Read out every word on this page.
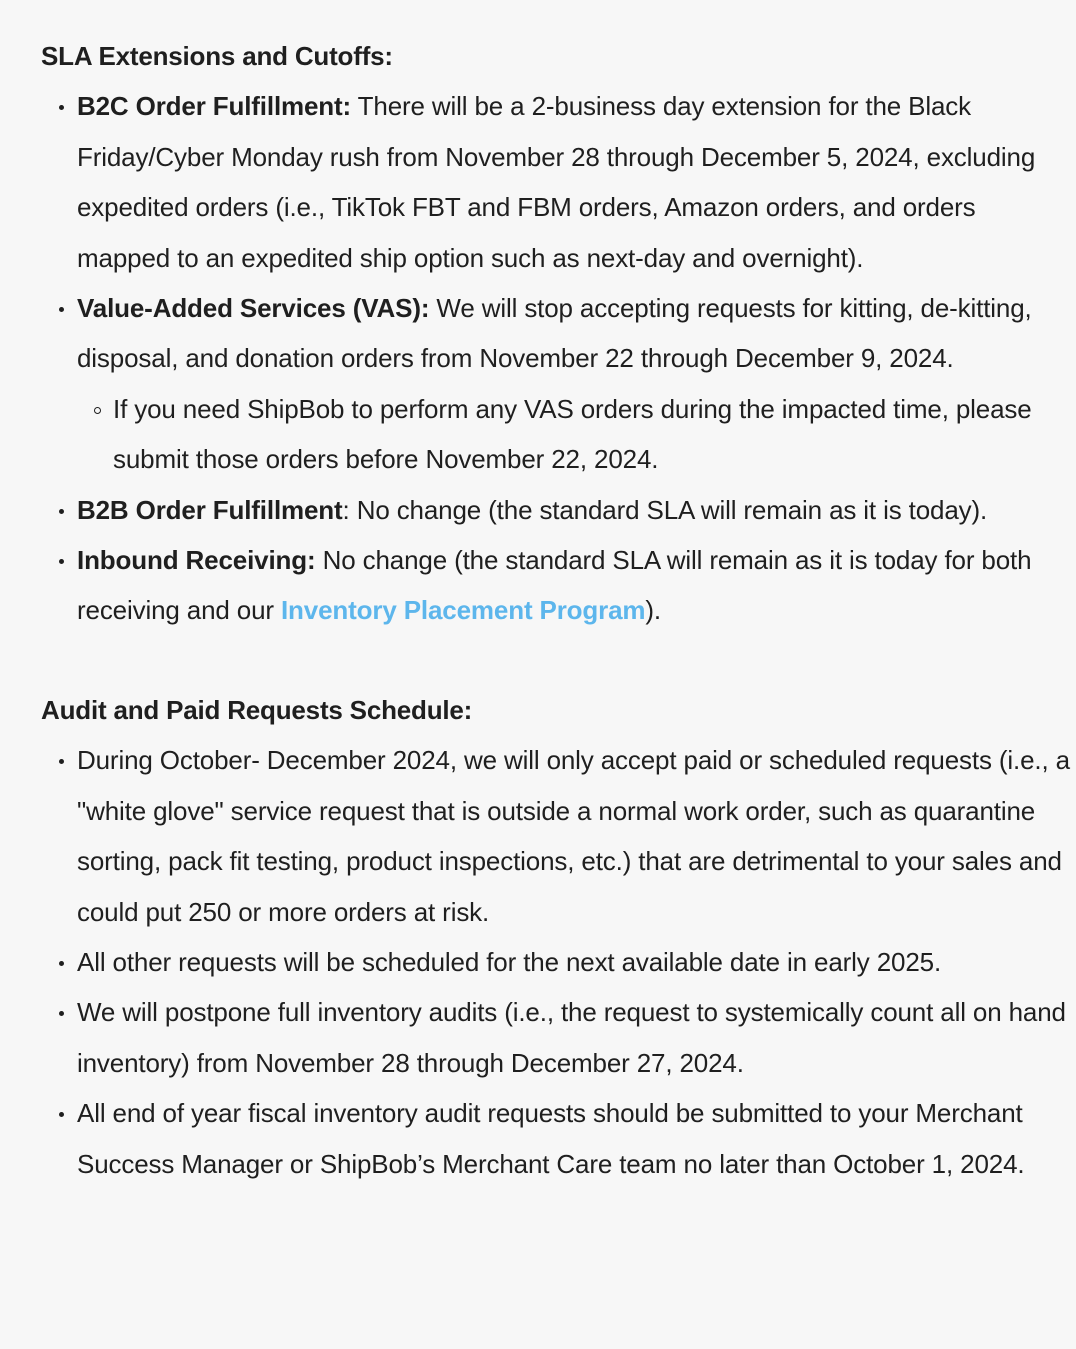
SLA Extensions and Cutoffs:
B2C Order Fulfillment: There will be a 2-business day extension for the Black Friday/Cyber Monday rush from November 28 through December 5, 2024, excluding expedited orders (i.e., TikTok FBT and FBM orders, Amazon orders, and orders mapped to an expedited ship option such as next-day and overnight).
Value-Added Services (VAS): We will stop accepting requests for kitting, de-kitting, disposal, and donation orders from November 22 through December 9, 2024.
If you need ShipBob to perform any VAS orders during the impacted time, please submit those orders before November 22, 2024.
B2B Order Fulfillment: No change (the standard SLA will remain as it is today).
Inbound Receiving: No change (the standard SLA will remain as it is today for both receiving and our Inventory Placement Program).
Audit and Paid Requests Schedule:
During October- December 2024, we will only accept paid or scheduled requests (i.e., a "white glove" service request that is outside a normal work order, such as quarantine sorting, pack fit testing, product inspections, etc.) that are detrimental to your sales and could put 250 or more orders at risk.
All other requests will be scheduled for the next available date in early 2025.
We will postpone full inventory audits (i.e., the request to systemically count all on hand inventory) from November 28 through December 27, 2024.
All end of year fiscal inventory audit requests should be submitted to your Merchant Success Manager or ShipBob’s Merchant Care team no later than October 1, 2024.
